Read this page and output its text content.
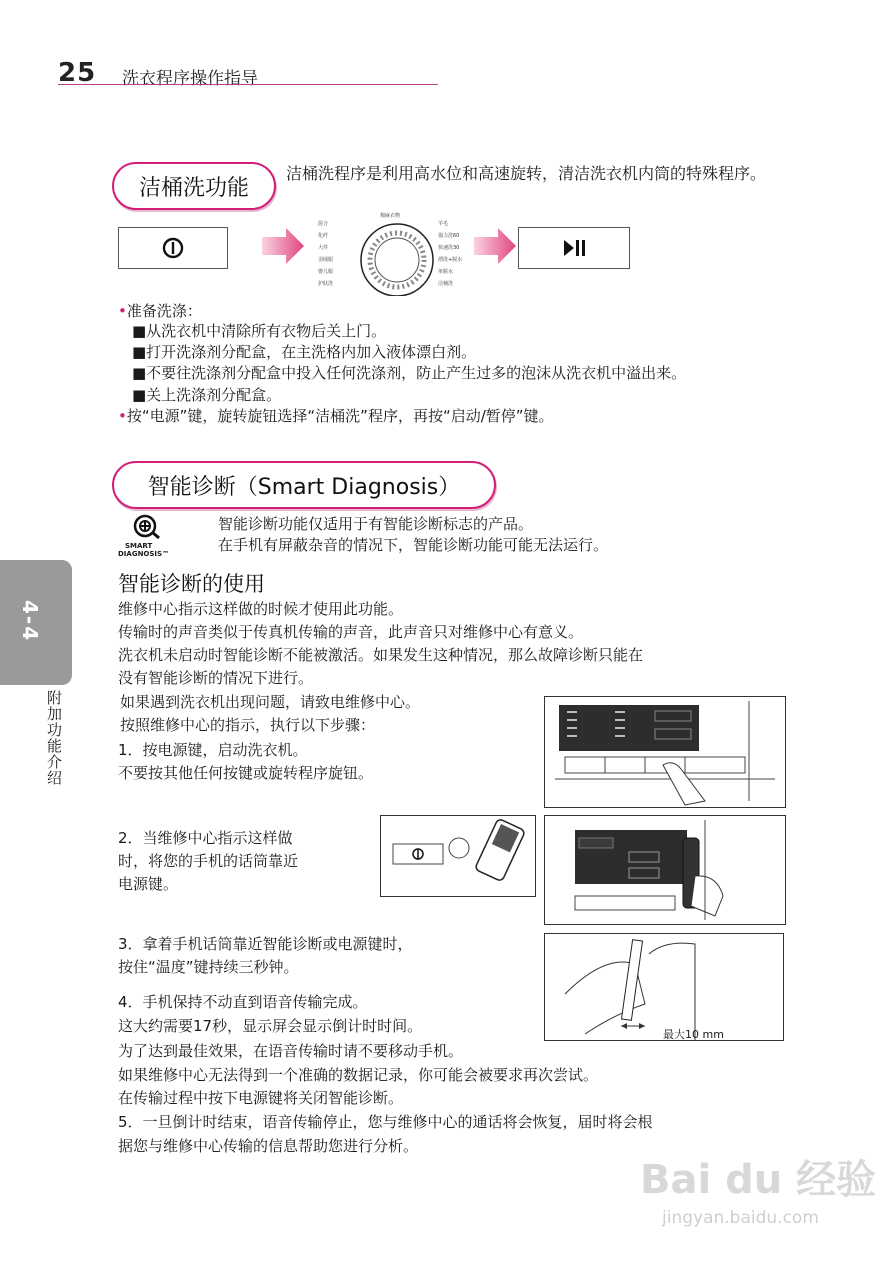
25 洗衣程序操作指导
洁桶洗功能
洁桶洗程序是利用高水位和高速旋转，清洁洗衣机内筒的特殊程序。
棉麻衣物
混合
化纤
大件
羽绒服
婴儿服
护肤洗
羊毛
强力洗60
快速洗30
漂洗+脱水
单脱水
洁桶洗
•准备洗涤：
■从洗衣机中清除所有衣物后关上门。
■打开洗涤剂分配盒，在主洗格内加入液体漂白剂。
■不要往洗涤剂分配盒中投入任何洗涤剂，防止产生过多的泡沫从洗衣机中溢出来。
■关上洗涤剂分配盒。
•按“电源”键，旋转旋钮选择“洁桶洗”程序，再按“启动/暂停”键。
智能诊断（Smart Diagnosis）
SMART
DIAGNOSIS™
智能诊断功能仅适用于有智能诊断标志的产品。
在手机有屏蔽杂音的情况下，智能诊断功能可能无法运行。
智能诊断的使用
维修中心指示这样做的时候才使用此功能。
传输时的声音类似于传真机传输的声音，此声音只对维修中心有意义。
洗衣机未启动时智能诊断不能被激活。如果发生这种情况，那么故障诊断只能在
没有智能诊断的情况下进行。
如果遇到洗衣机出现问题，请致电维修中心。
按照维修中心的指示，执行以下步骤：
1．按电源键，启动洗衣机。
不要按其他任何按键或旋转程序旋钮。
2．当维修中心指示这样做
时，将您的手机的话筒靠近
电源键。
3．拿着手机话筒靠近智能诊断或电源键时，
按住“温度”键持续三秒钟。
最大10 mm
4．手机保持不动直到语音传输完成。
这大约需要17秒，显示屏会显示倒计时时间。
为了达到最佳效果，在语音传输时请不要移动手机。
如果维修中心无法得到一个准确的数据记录，你可能会被要求再次尝试。
在传输过程中按下电源键将关闭智能诊断。
5．一旦倒计时结束，语音传输停止，您与维修中心的通话将会恢复，届时将会根
据您与维修中心传输的信息帮助您进行分析。
4-4
附加功能介绍
Bai du 经验
jingyan.baidu.com
